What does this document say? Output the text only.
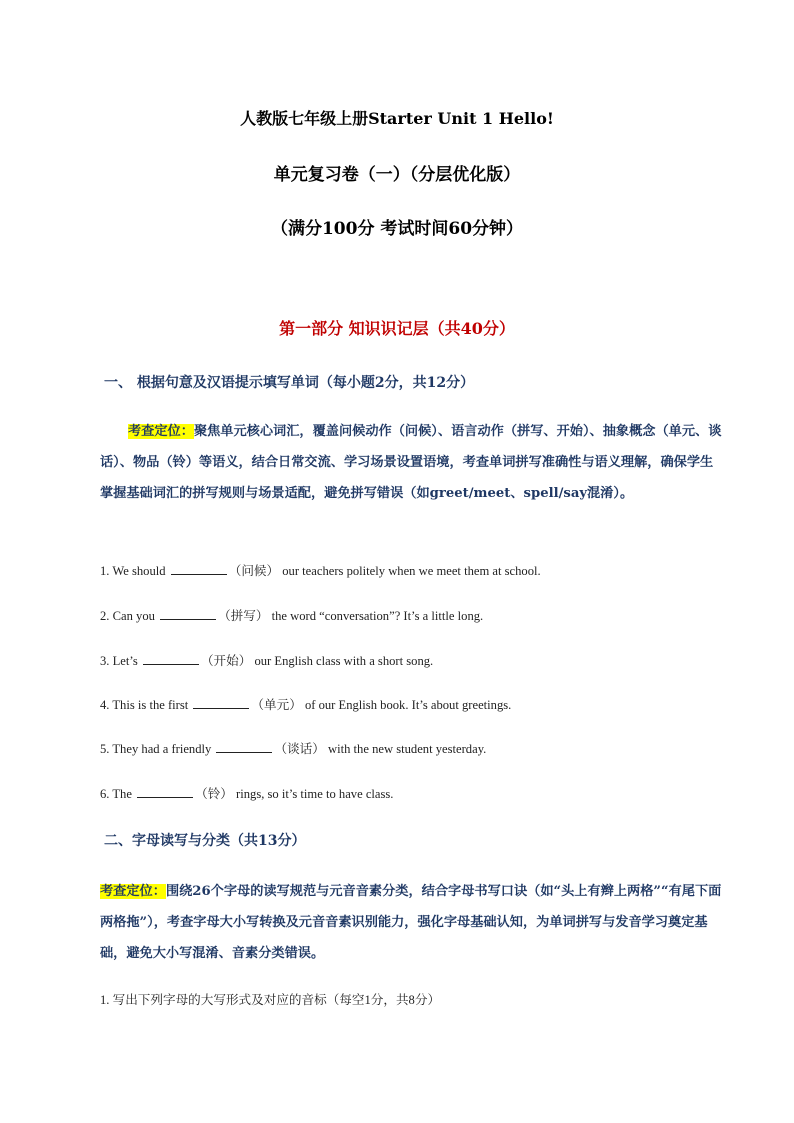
人教版七年级上册Starter Unit 1 Hello!
单元复习卷（一）（分层优化版）
（满分100分 考试时间60分钟）
第一部分 知识识记层（共40分）
一、 根据句意及汉语提示填写单词（每小题2分，共12分）
考查定位：聚焦单元核心词汇，覆盖问候动作（问候）、语言动作（拼写、开始）、抽象概念（单元、谈话）、物品（铃）等语义，结合日常交流、学习场景设置语境，考查单词拼写准确性与语义理解，确保学生掌握基础词汇的拼写规则与场景适配，避免拼写错误（如greet/meet、spell/say混淆）。
1. We should	（问候） our teachers politely when we meet them at school.
2. Can you	（拼写） the word “conversation”? It’s a little long.
3. Let’s	（开始） our English class with a short song.
4. This is the first	（单元） of our English book. It’s about greetings.
5. They had a friendly	（谈话） with the new student yesterday.
6. The	（铃） rings, so it’s time to have class.
二、字母读写与分类（共13分）
考查定位：围绕26个字母的读写规范与元音音素分类，结合字母书写口诀（如“头上有辫上两格”“有尾下面两格拖”），考查字母大小写转换及元音音素识别能力，强化字母基础认知，为单词拼写与发音学习奠定基础，避免大小写混淆、音素分类错误。
1. 写出下列字母的大写形式及对应的音标（每空1分，共8分）
